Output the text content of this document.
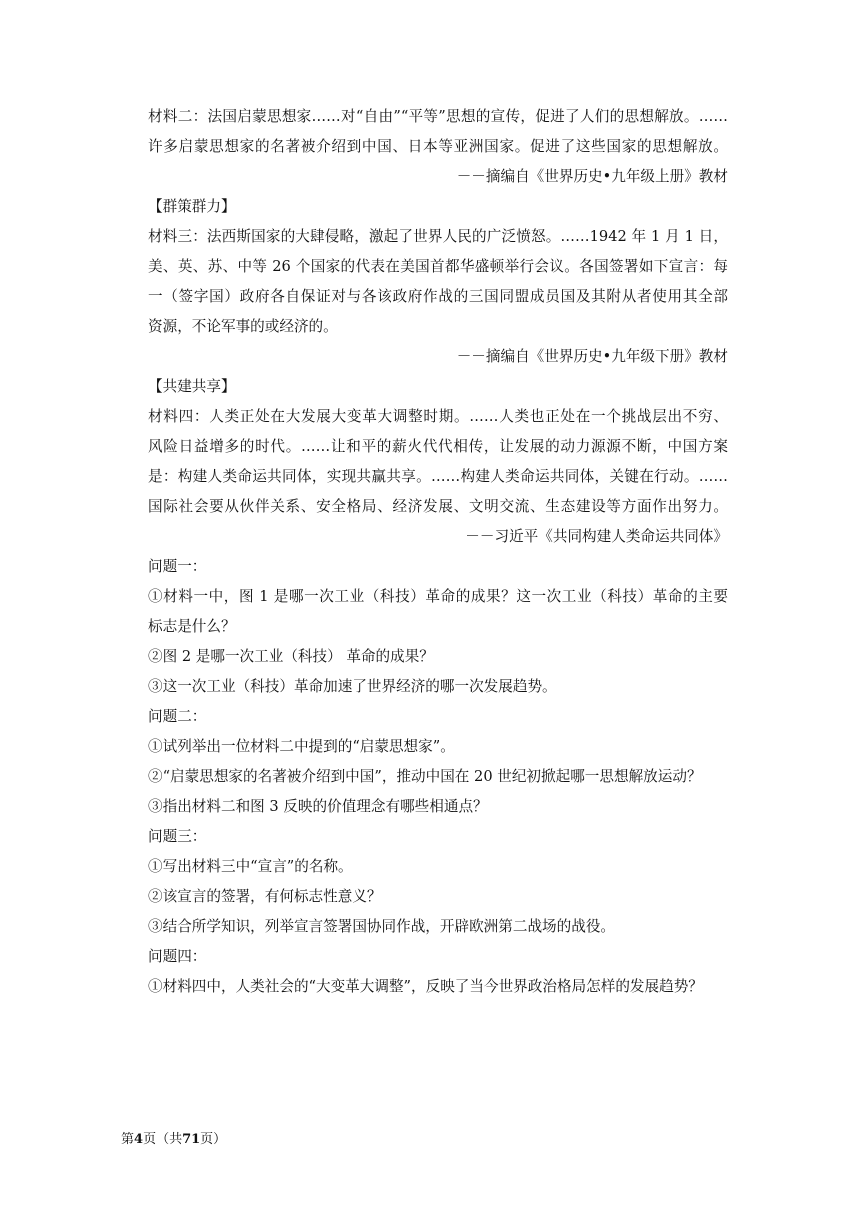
材料二：法国启蒙思想家……对“自由”“平等”思想的宣传，促进了人们的思想解放。……
许多启蒙思想家的名著被介绍到中国、日本等亚洲国家。促进了这些国家的思想解放。
－－摘编自《世界历史•九年级上册》教材
【群策群力】
材料三：法西斯国家的大肆侵略，激起了世界人民的广泛愤怒。……1942 年 1 月 1 日，
美、英、苏、中等 26 个国家的代表在美国首都华盛顿举行会议。各国签署如下宣言：每
一（签字国）政府各自保证对与各该政府作战的三国同盟成员国及其附从者使用其全部
资源，不论军事的或经济的。
－－摘编自《世界历史•九年级下册》教材
【共建共享】
材料四：人类正处在大发展大变革大调整时期。……人类也正处在一个挑战层出不穷、
风险日益增多的时代。……让和平的薪火代代相传，让发展的动力源源不断，中国方案
是：构建人类命运共同体，实现共赢共享。……构建人类命运共同体，关键在行动。……
国际社会要从伙伴关系、安全格局、经济发展、文明交流、生态建设等方面作出努力。
－－习近平《共同构建人类命运共同体》
问题一：
①材料一中，图 1 是哪一次工业（科技）革命的成果？这一次工业（科技）革命的主要
标志是什么？
②图 2 是哪一次工业（科技） 革命的成果？
③这一次工业（科技）革命加速了世界经济的哪一次发展趋势。
问题二：
①试列举出一位材料二中提到的“启蒙思想家”。
②“启蒙思想家的名著被介绍到中国”，推动中国在 20 世纪初掀起哪一思想解放运动？
③指出材料二和图 3 反映的价值理念有哪些相通点？
问题三：
①写出材料三中“宣言”的名称。
②该宣言的签署，有何标志性意义？
③结合所学知识，列举宣言签署国协同作战，开辟欧洲第二战场的战役。
问题四：
①材料四中，人类社会的“大变革大调整”，反映了当今世界政治格局怎样的发展趋势？
第4页（共71页）
